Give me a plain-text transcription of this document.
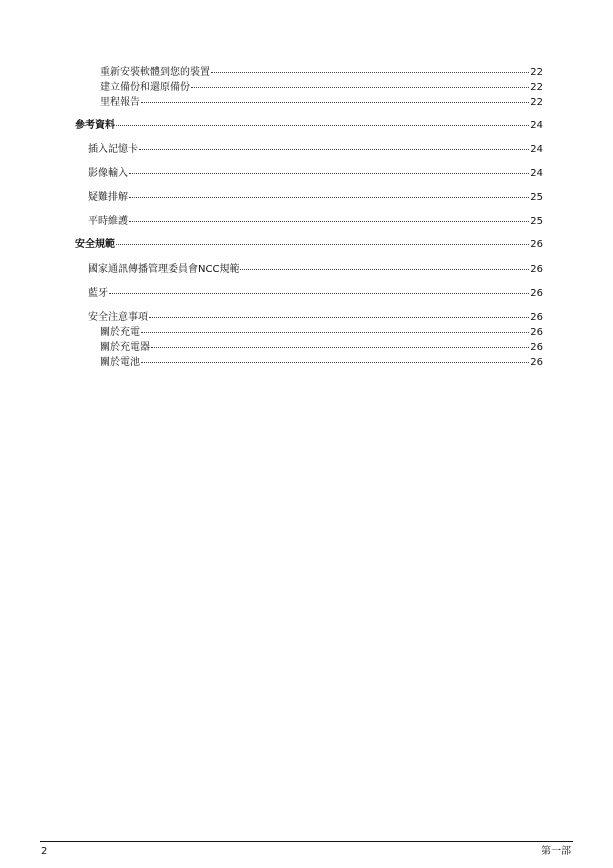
重新安裝軟體到您的裝置	22
建立備份和還原備份	22
里程報告	22
參考資料	24
插入記憶卡	24
影像輸入	24
疑難排解	25
平時維護	25
安全規範	26
國家通訊傳播管理委員會NCC規範	26
藍牙	26
安全注意事項	26
關於充電	26
關於充電器	26
關於電池	26
2	第一部
